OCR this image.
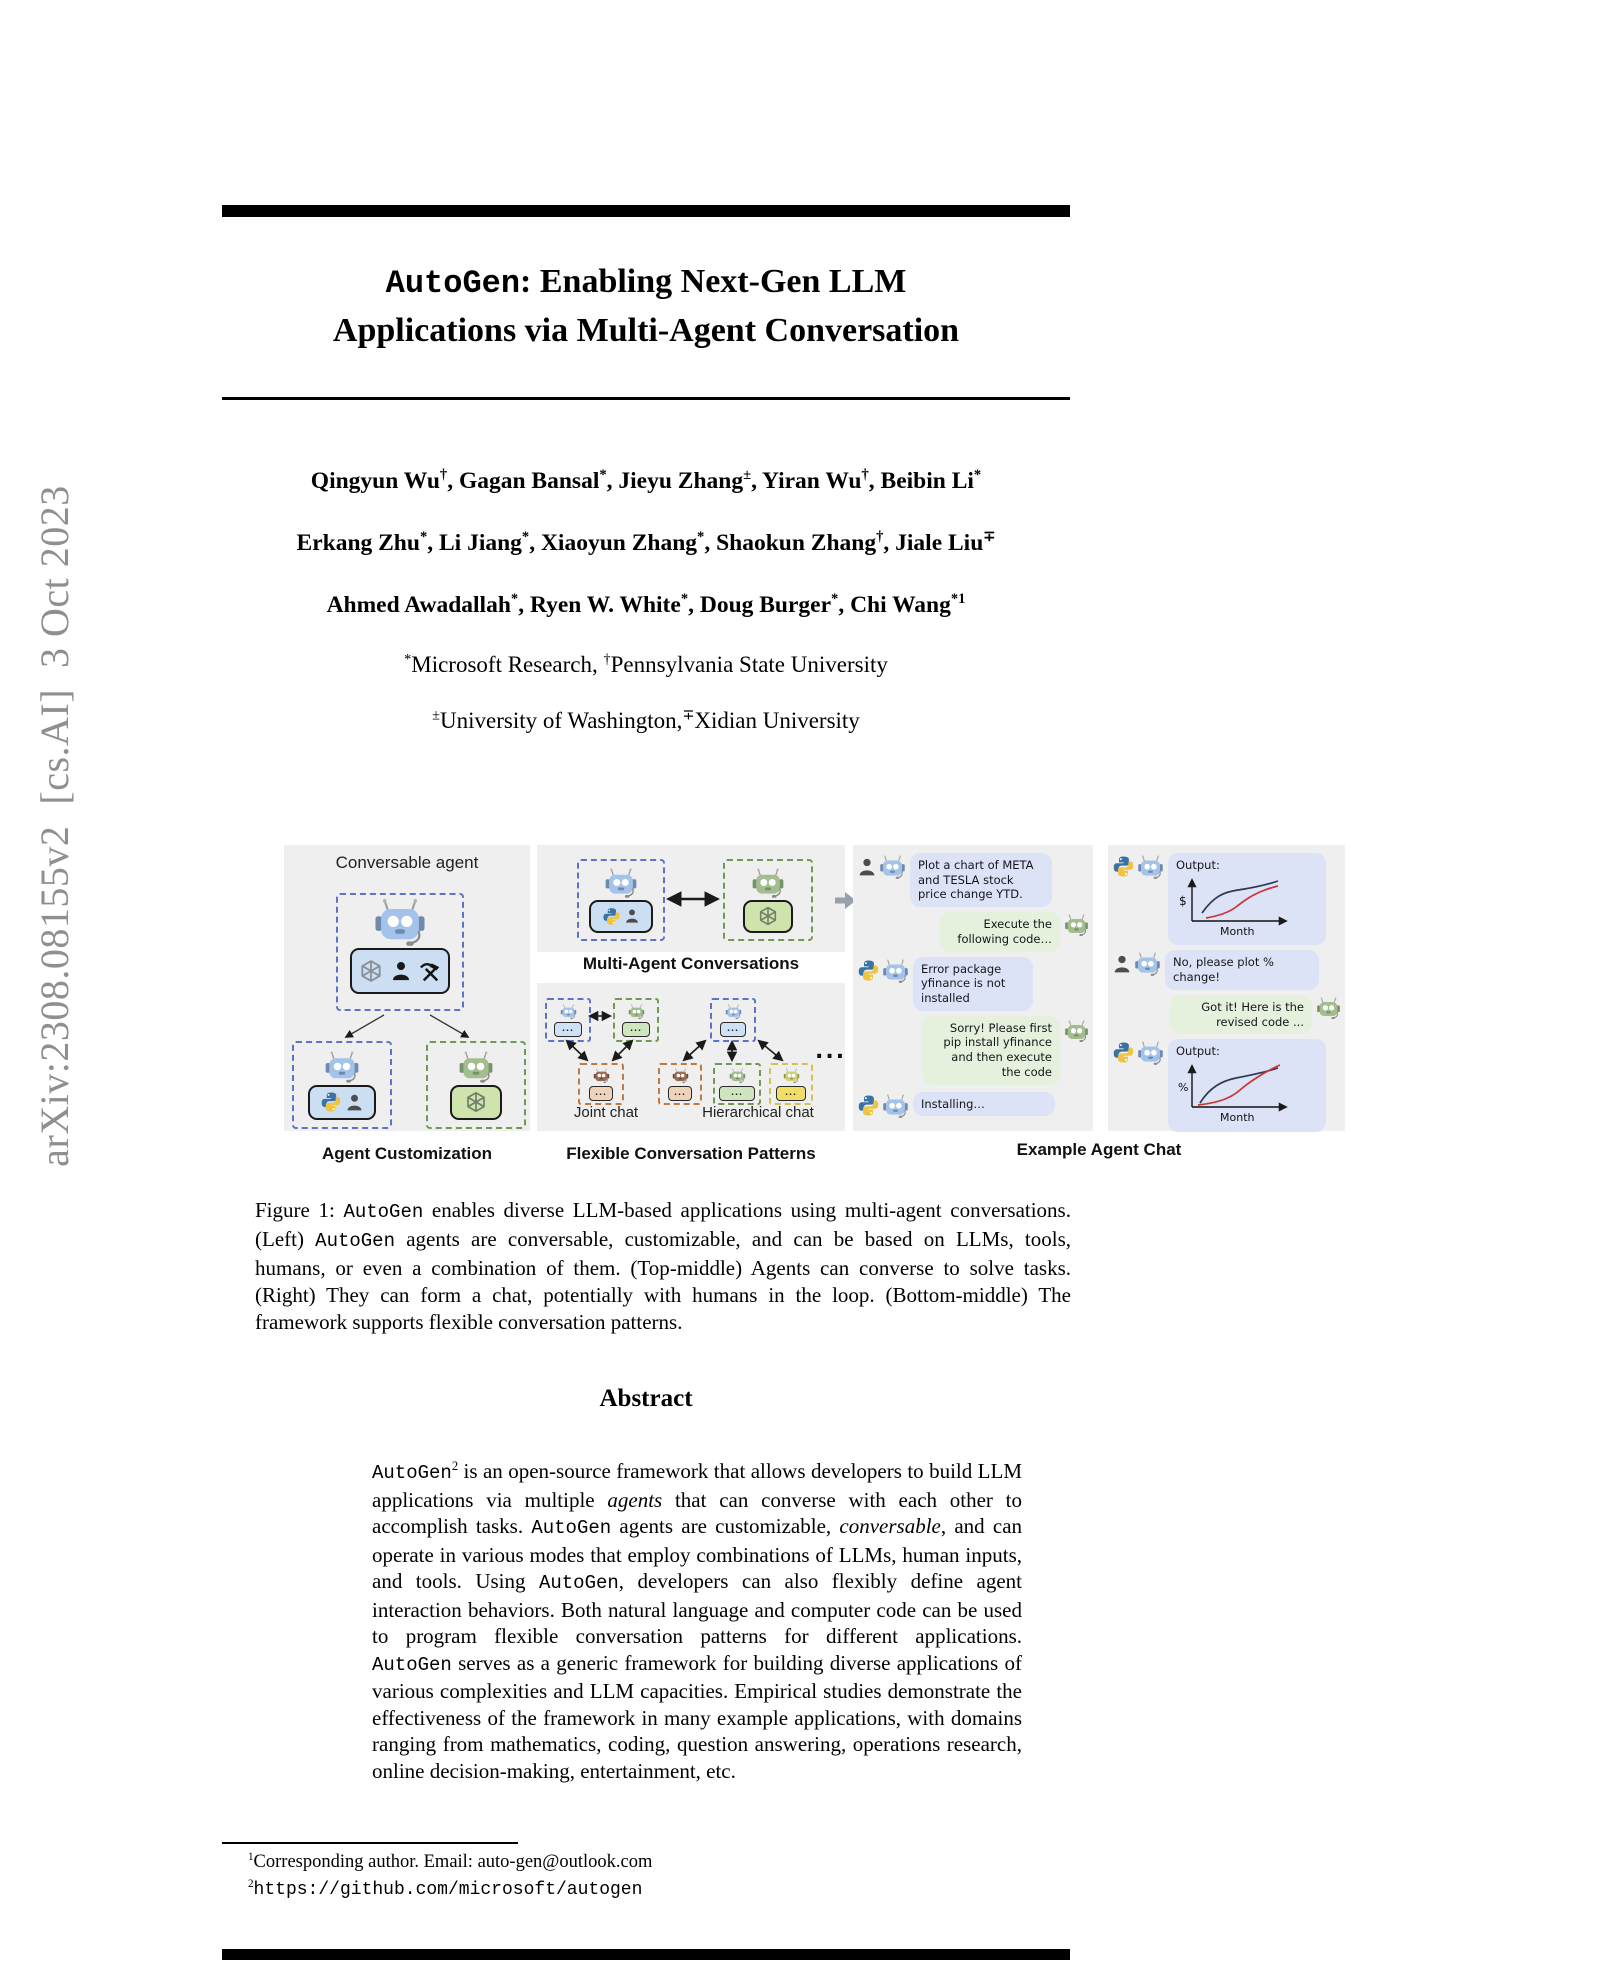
arXiv:2308.08155v2  [cs.AI]  3 Oct 2023
AutoGen: Enabling Next-Gen LLM
Applications via Multi-Agent Conversation
Qingyun Wu†, Gagan Bansal*, Jieyu Zhang±, Yiran Wu†, Beibin Li*
Erkang Zhu*, Li Jiang*, Xiaoyun Zhang*, Shaokun Zhang†, Jiale Liu∓
Ahmed Awadallah*, Ryen W. White*, Doug Burger*, Chi Wang$^{*1}$
*Microsoft Research, †Pennsylvania State University
±University of Washington,∓Xidian University
Conversable agent
Multi-Agent Conversations
...	...
...
...
...	...	...
...
Joint chat	Hierarchical chat
Plot a chart of META and TESLA stock price change YTD.
Execute the following code…
Error package yfinance is not installed
Sorry! Please first pip install yfinance and then execute the code
Installing…
Output:
$
Month
No, please plot % change!
Got it! Here is the revised code ...
Output:
%
Month
Agent Customization	Flexible Conversation Patterns	Example Agent Chat
Figure 1: AutoGen enables diverse LLM-based applications using multi-agent conversations. (Left) AutoGen agents are conversable, customizable, and can be based on LLMs, tools, humans, or even a combination of them. (Top-middle) Agents can converse to solve tasks. (Right) They can form a chat, potentially with humans in the loop. (Bottom-middle) The framework supports flexible conversation patterns.
Abstract
AutoGen$^2$ is an open-source framework that allows developers to build LLM applications via multiple agents that can converse with each other to accomplish tasks. AutoGen agents are customizable, conversable, and can operate in various modes that employ combinations of LLMs, human inputs, and tools. Using AutoGen, developers can also flexibly define agent interaction behaviors. Both natural language and computer code can be used to program flexible conversation patterns for different applications. AutoGen serves as a generic framework for building diverse applications of various complexities and LLM capacities. Empirical studies demonstrate the effectiveness of the framework in many example applications, with domains ranging from mathematics, coding, question answering, operations research, online decision-making, entertainment, etc.
$^1$Corresponding author. Email: auto-gen@outlook.com
$^2$https://github.com/microsoft/autogen
